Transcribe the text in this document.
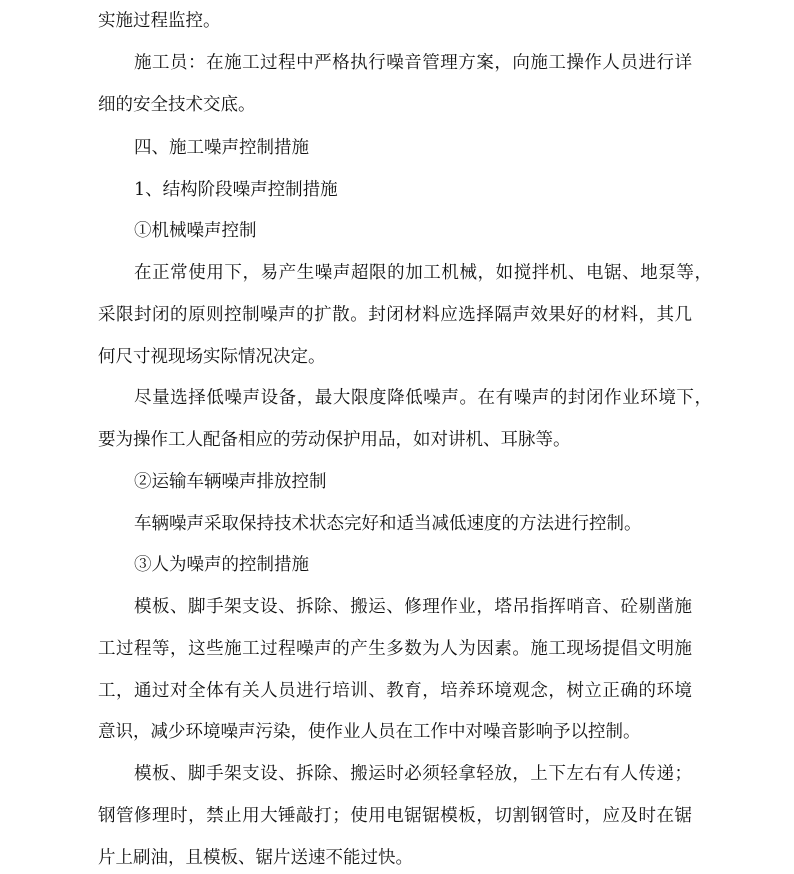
实施过程监控。

施工员：在施工过程中严格执行噪音管理方案，向施工操作人员进行详

细的安全技术交底。

四、施工噪声控制措施

1、结构阶段噪声控制措施

①机械噪声控制

在正常使用下，易产生噪声超限的加工机械，如搅拌机、电锯、地泵等，

采限封闭的原则控制噪声的扩散。封闭材料应选择隔声效果好的材料，其几

何尺寸视现场实际情况决定。

尽量选择低噪声设备，最大限度降低噪声。在有噪声的封闭作业环境下，

要为操作工人配备相应的劳动保护用品，如对讲机、耳脉等。

②运输车辆噪声排放控制

车辆噪声采取保持技术状态完好和适当减低速度的方法进行控制。

③人为噪声的控制措施

模板、脚手架支设、拆除、搬运、修理作业，塔吊指挥哨音、砼剔凿施

工过程等，这些施工过程噪声的产生多数为人为因素。施工现场提倡文明施

工，通过对全体有关人员进行培训、教育，培养环境观念，树立正确的环境

意识，减少环境噪声污染，使作业人员在工作中对噪音影响予以控制。

模板、脚手架支设、拆除、搬运时必须轻拿轻放，上下左右有人传递；

钢管修理时，禁止用大锤敲打；使用电锯锯模板，切割钢管时，应及时在锯

片上刷油，且模板、锯片送速不能过快。
